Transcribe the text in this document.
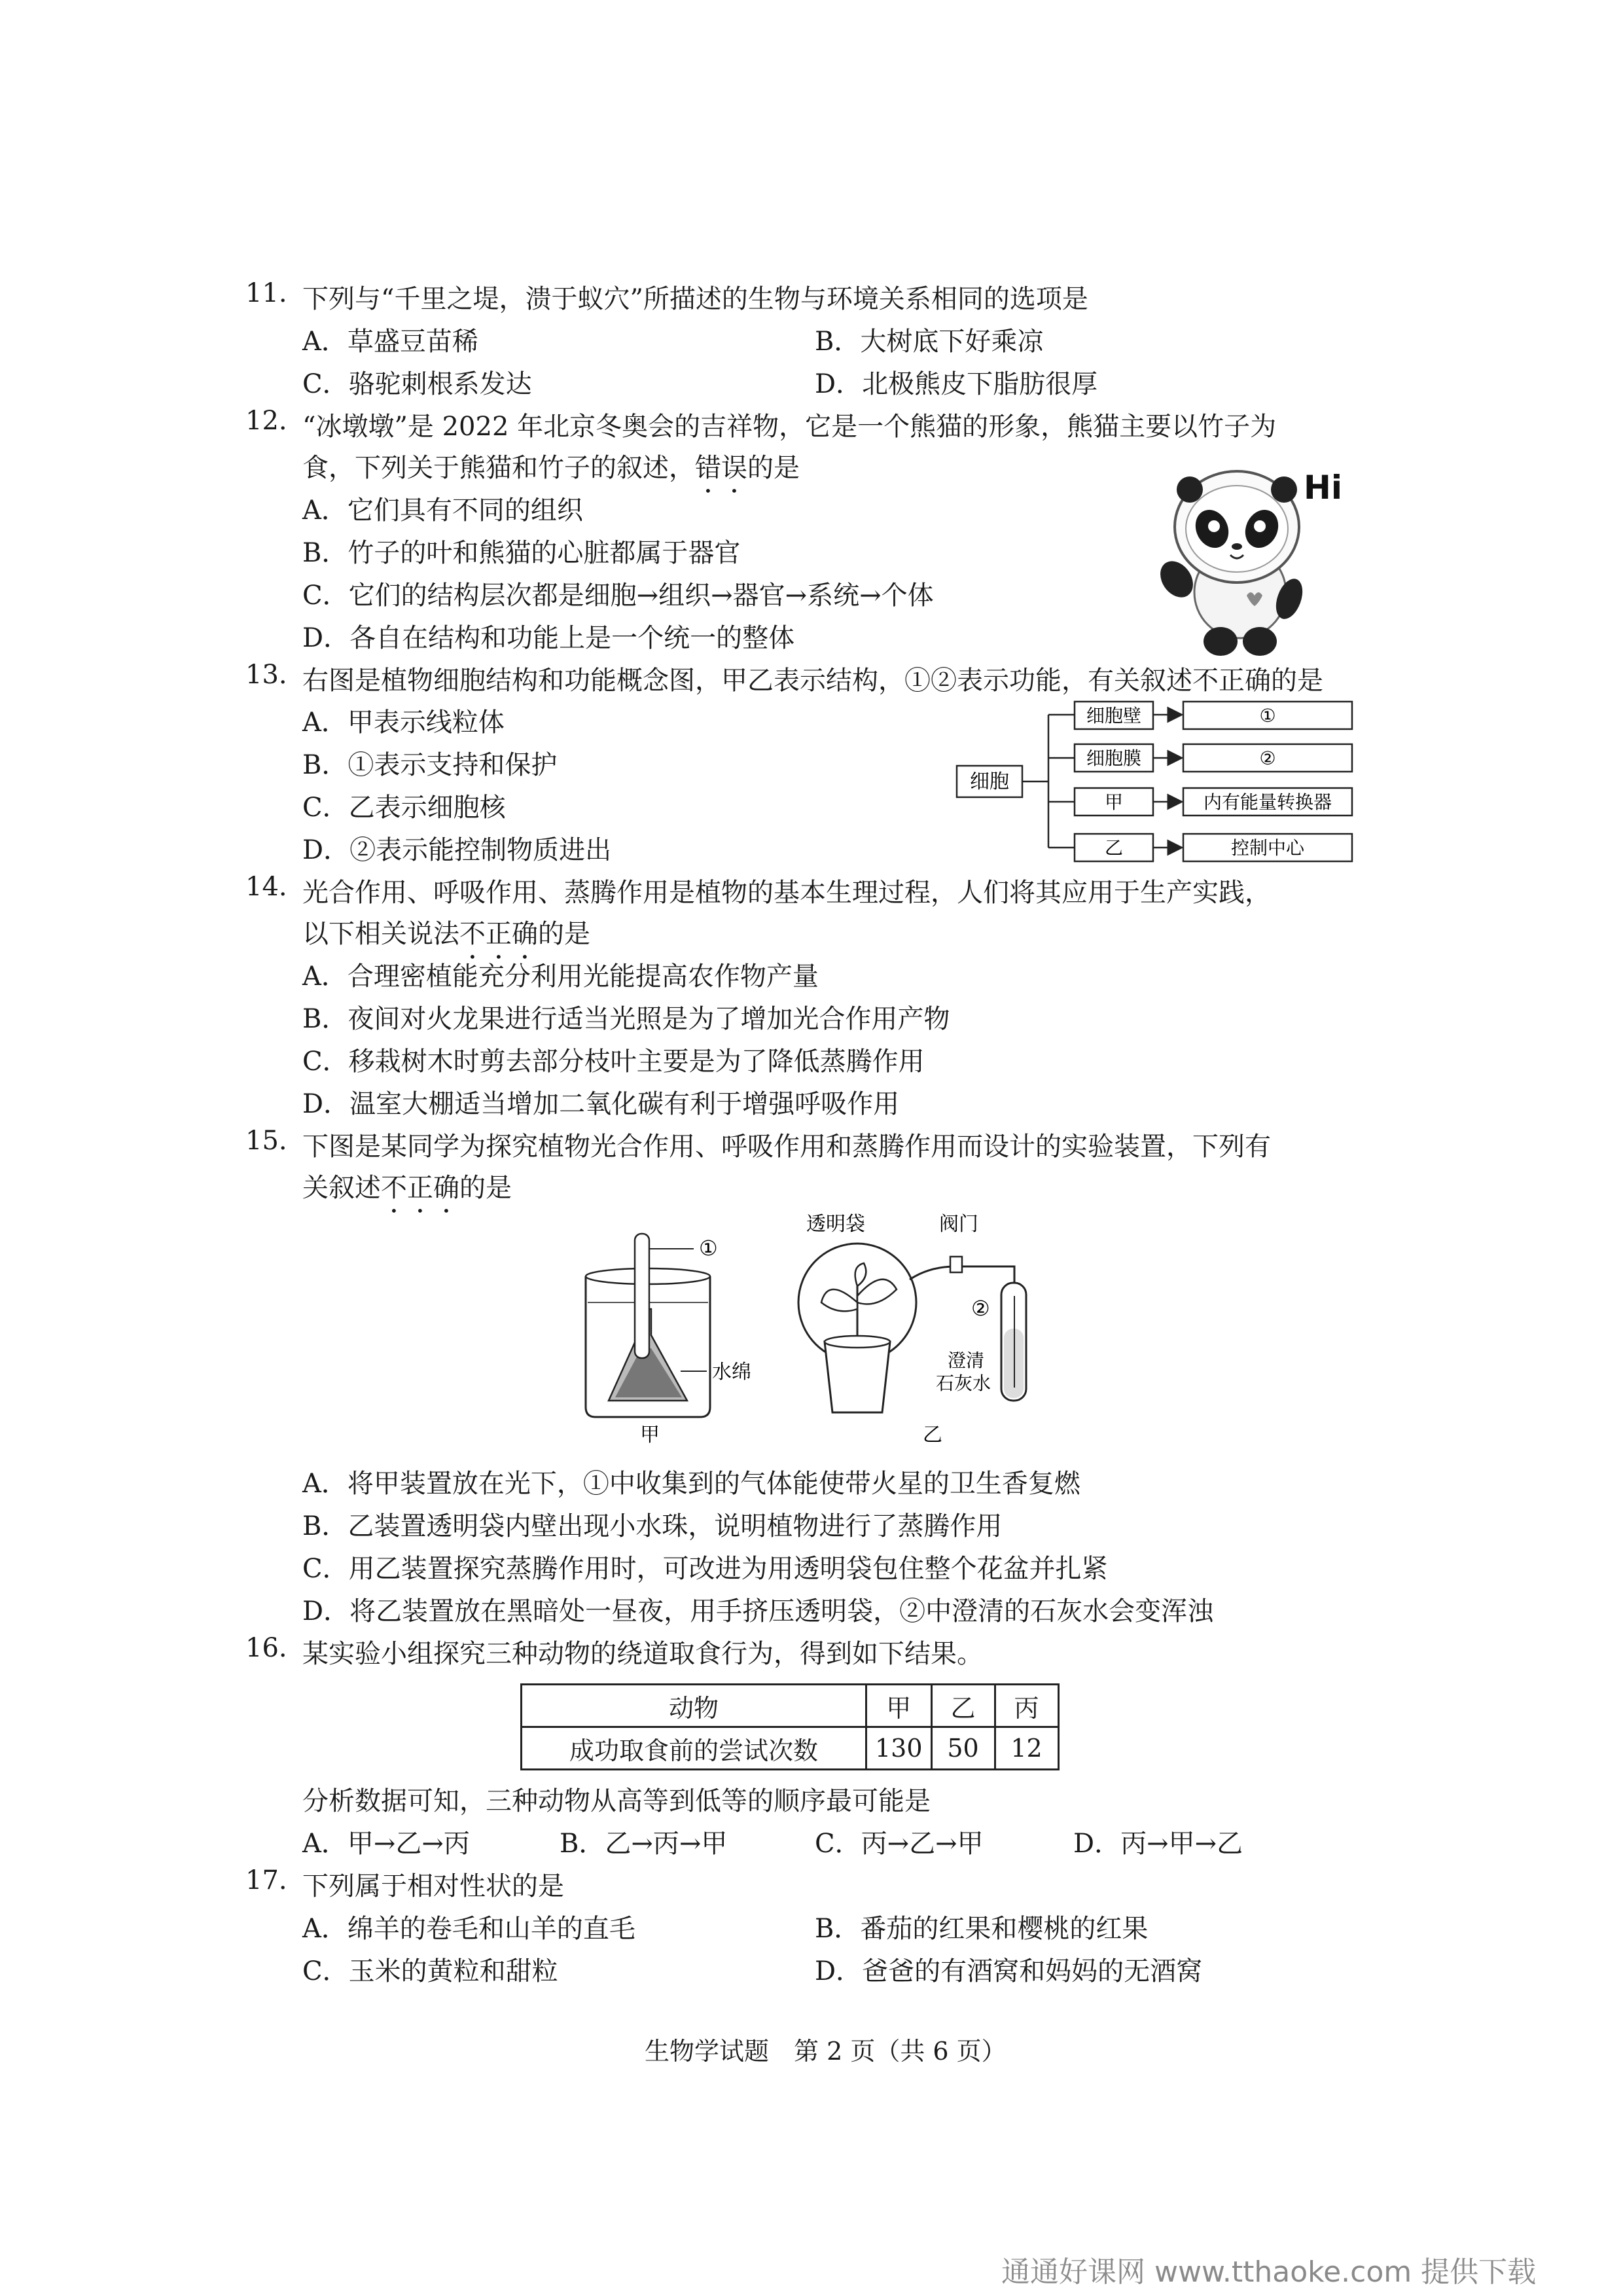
11. 下列与“千里之堤，溃于蚁穴”所描述的生物与环境关系相同的选项是
A．草盛豆苗稀	B．大树底下好乘凉
C．骆驼刺根系发达	D．北极熊皮下脂肪很厚
12. “冰墩墩”是 2022 年北京冬奥会的吉祥物，它是一个熊猫的形象，熊猫主要以竹子为
食，下列关于熊猫和竹子的叙述，错误的是
A．它们具有不同的组织
B．竹子的叶和熊猫的心脏都属于器官
C．它们的结构层次都是细胞→组织→器官→系统→个体
D．各自在结构和功能上是一个统一的整体
Hi
13. 右图是植物细胞结构和功能概念图，甲乙表示结构，①②表示功能，有关叙述不正确的是
A．甲表示线粒体
B．①表示支持和保护
C．乙表示细胞核
D．②表示能控制物质进出
细胞
细胞壁	①
细胞膜	②
甲	内有能量转换器
乙	控制中心
14. 光合作用、呼吸作用、蒸腾作用是植物的基本生理过程，人们将其应用于生产实践，
以下相关说法不正确的是
A．合理密植能充分利用光能提高农作物产量
B．夜间对火龙果进行适当光照是为了增加光合作用产物
C．移栽树木时剪去部分枝叶主要是为了降低蒸腾作用
D．温室大棚适当增加二氧化碳有利于增强呼吸作用
15. 下图是某同学为探究植物光合作用、呼吸作用和蒸腾作用而设计的实验装置，下列有
关叙述不正确的是
①
水绵
甲
透明袋	阀门
②
澄清
石灰水
乙
A．将甲装置放在光下，①中收集到的气体能使带火星的卫生香复燃
B．乙装置透明袋内壁出现小水珠，说明植物进行了蒸腾作用
C．用乙装置探究蒸腾作用时，可改进为用透明袋包住整个花盆并扎紧
D．将乙装置放在黑暗处一昼夜，用手挤压透明袋，②中澄清的石灰水会变浑浊
16. 某实验小组探究三种动物的绕道取食行为，得到如下结果。
动物	甲	乙	丙
成功取食前的尝试次数	130	50	12
分析数据可知，三种动物从高等到低等的顺序最可能是
A．甲→乙→丙	B．乙→丙→甲	C．丙→乙→甲	D．丙→甲→乙
17. 下列属于相对性状的是
A．绵羊的卷毛和山羊的直毛	B．番茄的红果和樱桃的红果
C．玉米的黄粒和甜粒	D．爸爸的有酒窝和妈妈的无酒窝
生物学试题　第 2 页（共 6 页）
通通好课网 www.tthaoke.com 提供下载
